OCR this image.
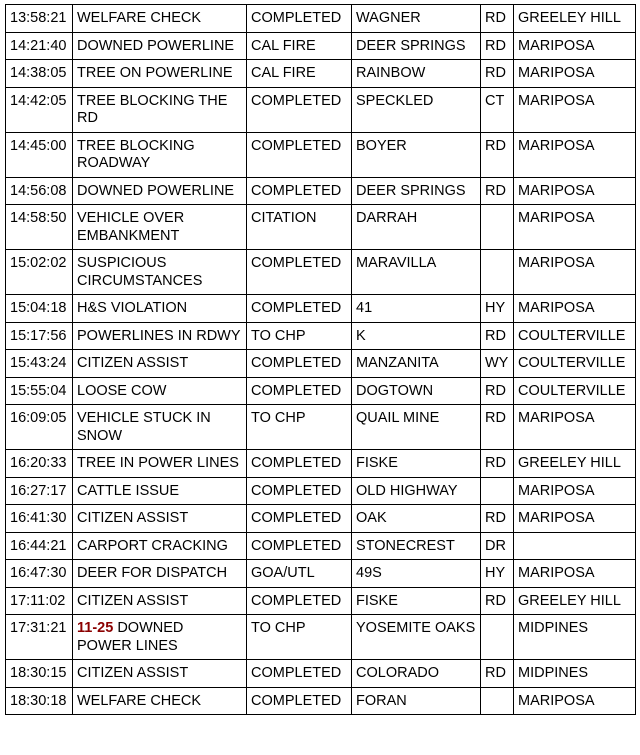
13:58:21	WELFARE CHECK	COMPLETED	WAGNER	RD	GREELEY HILL
14:21:40	DOWNED POWERLINE	CAL FIRE	DEER SPRINGS	RD	MARIPOSA
14:38:05	TREE ON POWERLINE	CAL FIRE	RAINBOW	RD	MARIPOSA
14:42:05	TREE BLOCKING THE RD	COMPLETED	SPECKLED	CT	MARIPOSA
14:45:00	TREE BLOCKING ROADWAY	COMPLETED	BOYER	RD	MARIPOSA
14:56:08	DOWNED POWERLINE	COMPLETED	DEER SPRINGS	RD	MARIPOSA
14:58:50	VEHICLE OVER EMBANKMENT	CITATION	DARRAH		MARIPOSA
15:02:02	SUSPICIOUS CIRCUMSTANCES	COMPLETED	MARAVILLA		MARIPOSA
15:04:18	H&S VIOLATION	COMPLETED	41	HY	MARIPOSA
15:17:56	POWERLINES IN RDWY	TO CHP	K	RD	COULTERVILLE
15:43:24	CITIZEN ASSIST	COMPLETED	MANZANITA	WY	COULTERVILLE
15:55:04	LOOSE COW	COMPLETED	DOGTOWN	RD	COULTERVILLE
16:09:05	VEHICLE STUCK IN SNOW	TO CHP	QUAIL MINE	RD	MARIPOSA
16:20:33	TREE IN POWER LINES	COMPLETED	FISKE	RD	GREELEY HILL
16:27:17	CATTLE ISSUE	COMPLETED	OLD HIGHWAY		MARIPOSA
16:41:30	CITIZEN ASSIST	COMPLETED	OAK	RD	MARIPOSA
16:44:21	CARPORT CRACKING	COMPLETED	STONECREST	DR	
16:47:30	DEER FOR DISPATCH	GOA/UTL	49S	HY	MARIPOSA
17:11:02	CITIZEN ASSIST	COMPLETED	FISKE	RD	GREELEY HILL
17:31:21	11-25 DOWNED POWER LINES	TO CHP	YOSEMITE OAKS		MIDPINES
18:30:15	CITIZEN ASSIST	COMPLETED	COLORADO	RD	MIDPINES
18:30:18	WELFARE CHECK	COMPLETED	FORAN		MARIPOSA
